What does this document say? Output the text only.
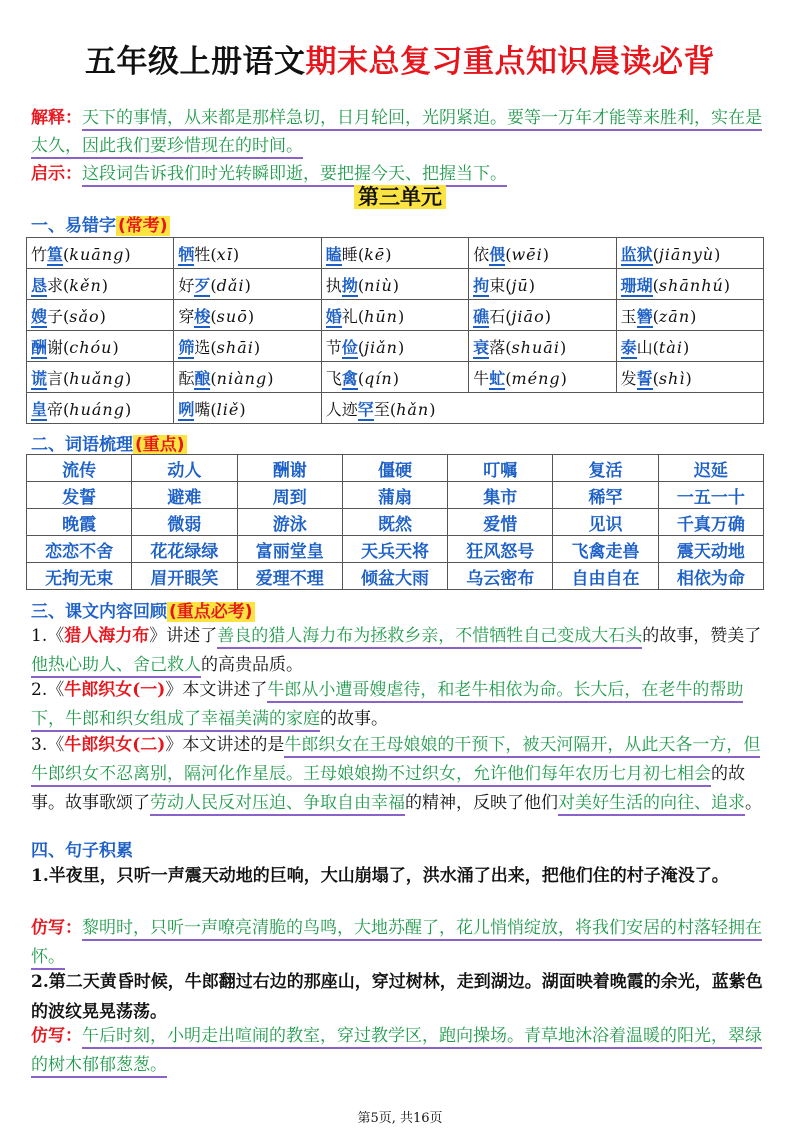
五年级上册语文期末总复习重点知识晨读必背
解释：天下的事情，从来都是那样急切，日月轮回，光阴紧迫。要等一万年才能等来胜利，实在是太久，因此我们要珍惜现在的时间。
启示：这段词告诉我们时光转瞬即逝，要把握今天、把握当下。
第三单元
一、易错字 (常考)
竹篁(kuāng)	牺牲(xī)	瞌睡(kē)	依偎(wēi)	监狱(jiānyù)
恳求(kěn)	好歹(dǎi)	执拗(niù)	拘束(jū)	珊瑚(shānhú)
嫂子(sǎo)	穿梭(suō)	婚礼(hūn)	礁石(jiāo)	玉簪(zān)
酬谢(chóu)	筛选(shāi)	节俭(jiǎn)	衰落(shuāi)	泰山(tài)
谎言(huǎng)	酝酿(niàng)	飞禽(qín)	牛虻(méng)	发誓(shì)
皇帝(huáng)	咧嘴(liě)	人迹罕至(hǎn)		
二、词语梳理 (重点)
流传	动人	酬谢	僵硬	叮嘱	复活	迟延
发誓	避难	周到	蒲扇	集市	稀罕	一五一十
晚霞	微弱	游泳	既然	爱惜	见识	千真万确
恋恋不舍	花花绿绿	富丽堂皇	天兵天将	狂风怒号	飞禽走兽	震天动地
无拘无束	眉开眼笑	爱理不理	倾盆大雨	乌云密布	自由自在	相依为命
三、课文内容回顾 (重点必考)
1.《猎人海力布》讲述了善良的猎人海力布为拯救乡亲，不惜牺牲自己变成大石头的故事，赞美了他热心助人、舍己救人的高贵品质。
2.《牛郎织女(一)》本文讲述了牛郎从小遭哥嫂虐待，和老牛相依为命。长大后，在老牛的帮助下，牛郎和织女组成了幸福美满的家庭的故事。
3.《牛郎织女(二)》本文讲述的是牛郎织女在王母娘娘的干预下，被天河隔开，从此天各一方，但牛郎织女不忍离别，隔河化作星辰。王母娘娘拗不过织女，允许他们每年农历七月初七相会的故事。故事歌颂了劳动人民反对压迫、争取自由幸福的精神，反映了他们对美好生活的向往、追求。
四、句子积累
1.半夜里，只听一声震天动地的巨响，大山崩塌了，洪水涌了出来，把他们住的村子淹没了。
仿写：黎明时，只听一声嘹亮清脆的鸟鸣，大地苏醒了，花儿悄悄绽放，将我们安居的村落轻拥在怀。
2.第二天黄昏时候，牛郎翻过右边的那座山，穿过树林，走到湖边。湖面映着晚霞的余光，蓝紫色的波纹晃晃荡荡。
仿写：午后时刻，小明走出喧闹的教室，穿过教学区，跑向操场。青草地沐浴着温暖的阳光，翠绿的树木郁郁葱葱。
第5页, 共16页
